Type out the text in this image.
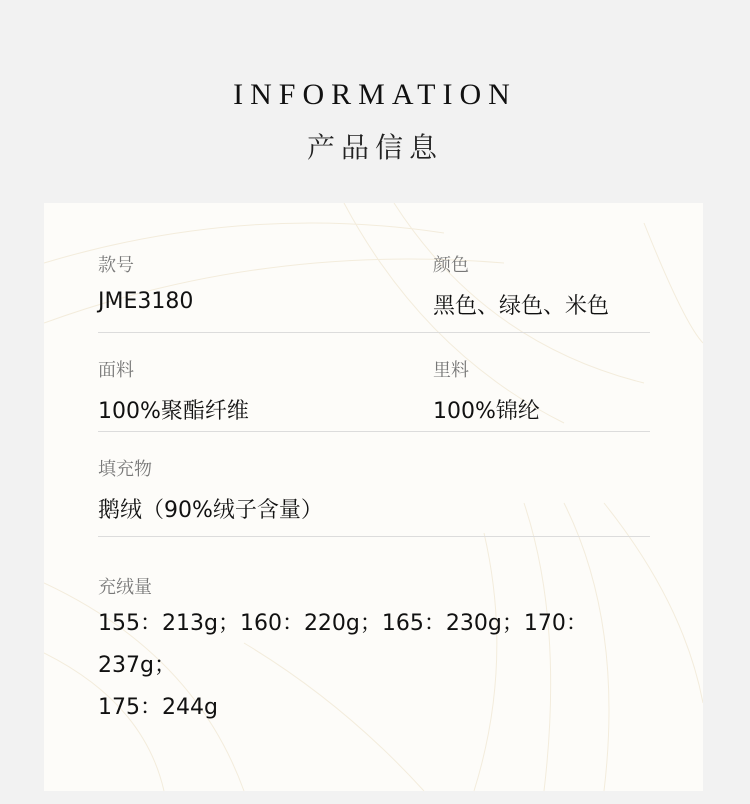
INFORMATION
产品信息
款号
JME3180
颜色
黑色、绿色、米色
面料
100%聚酯纤维
里料
100%锦纶
填充物
鹅绒（90%绒子含量）
充绒量
155：213g；160：220g；165：230g；170：237g；
175：244g
